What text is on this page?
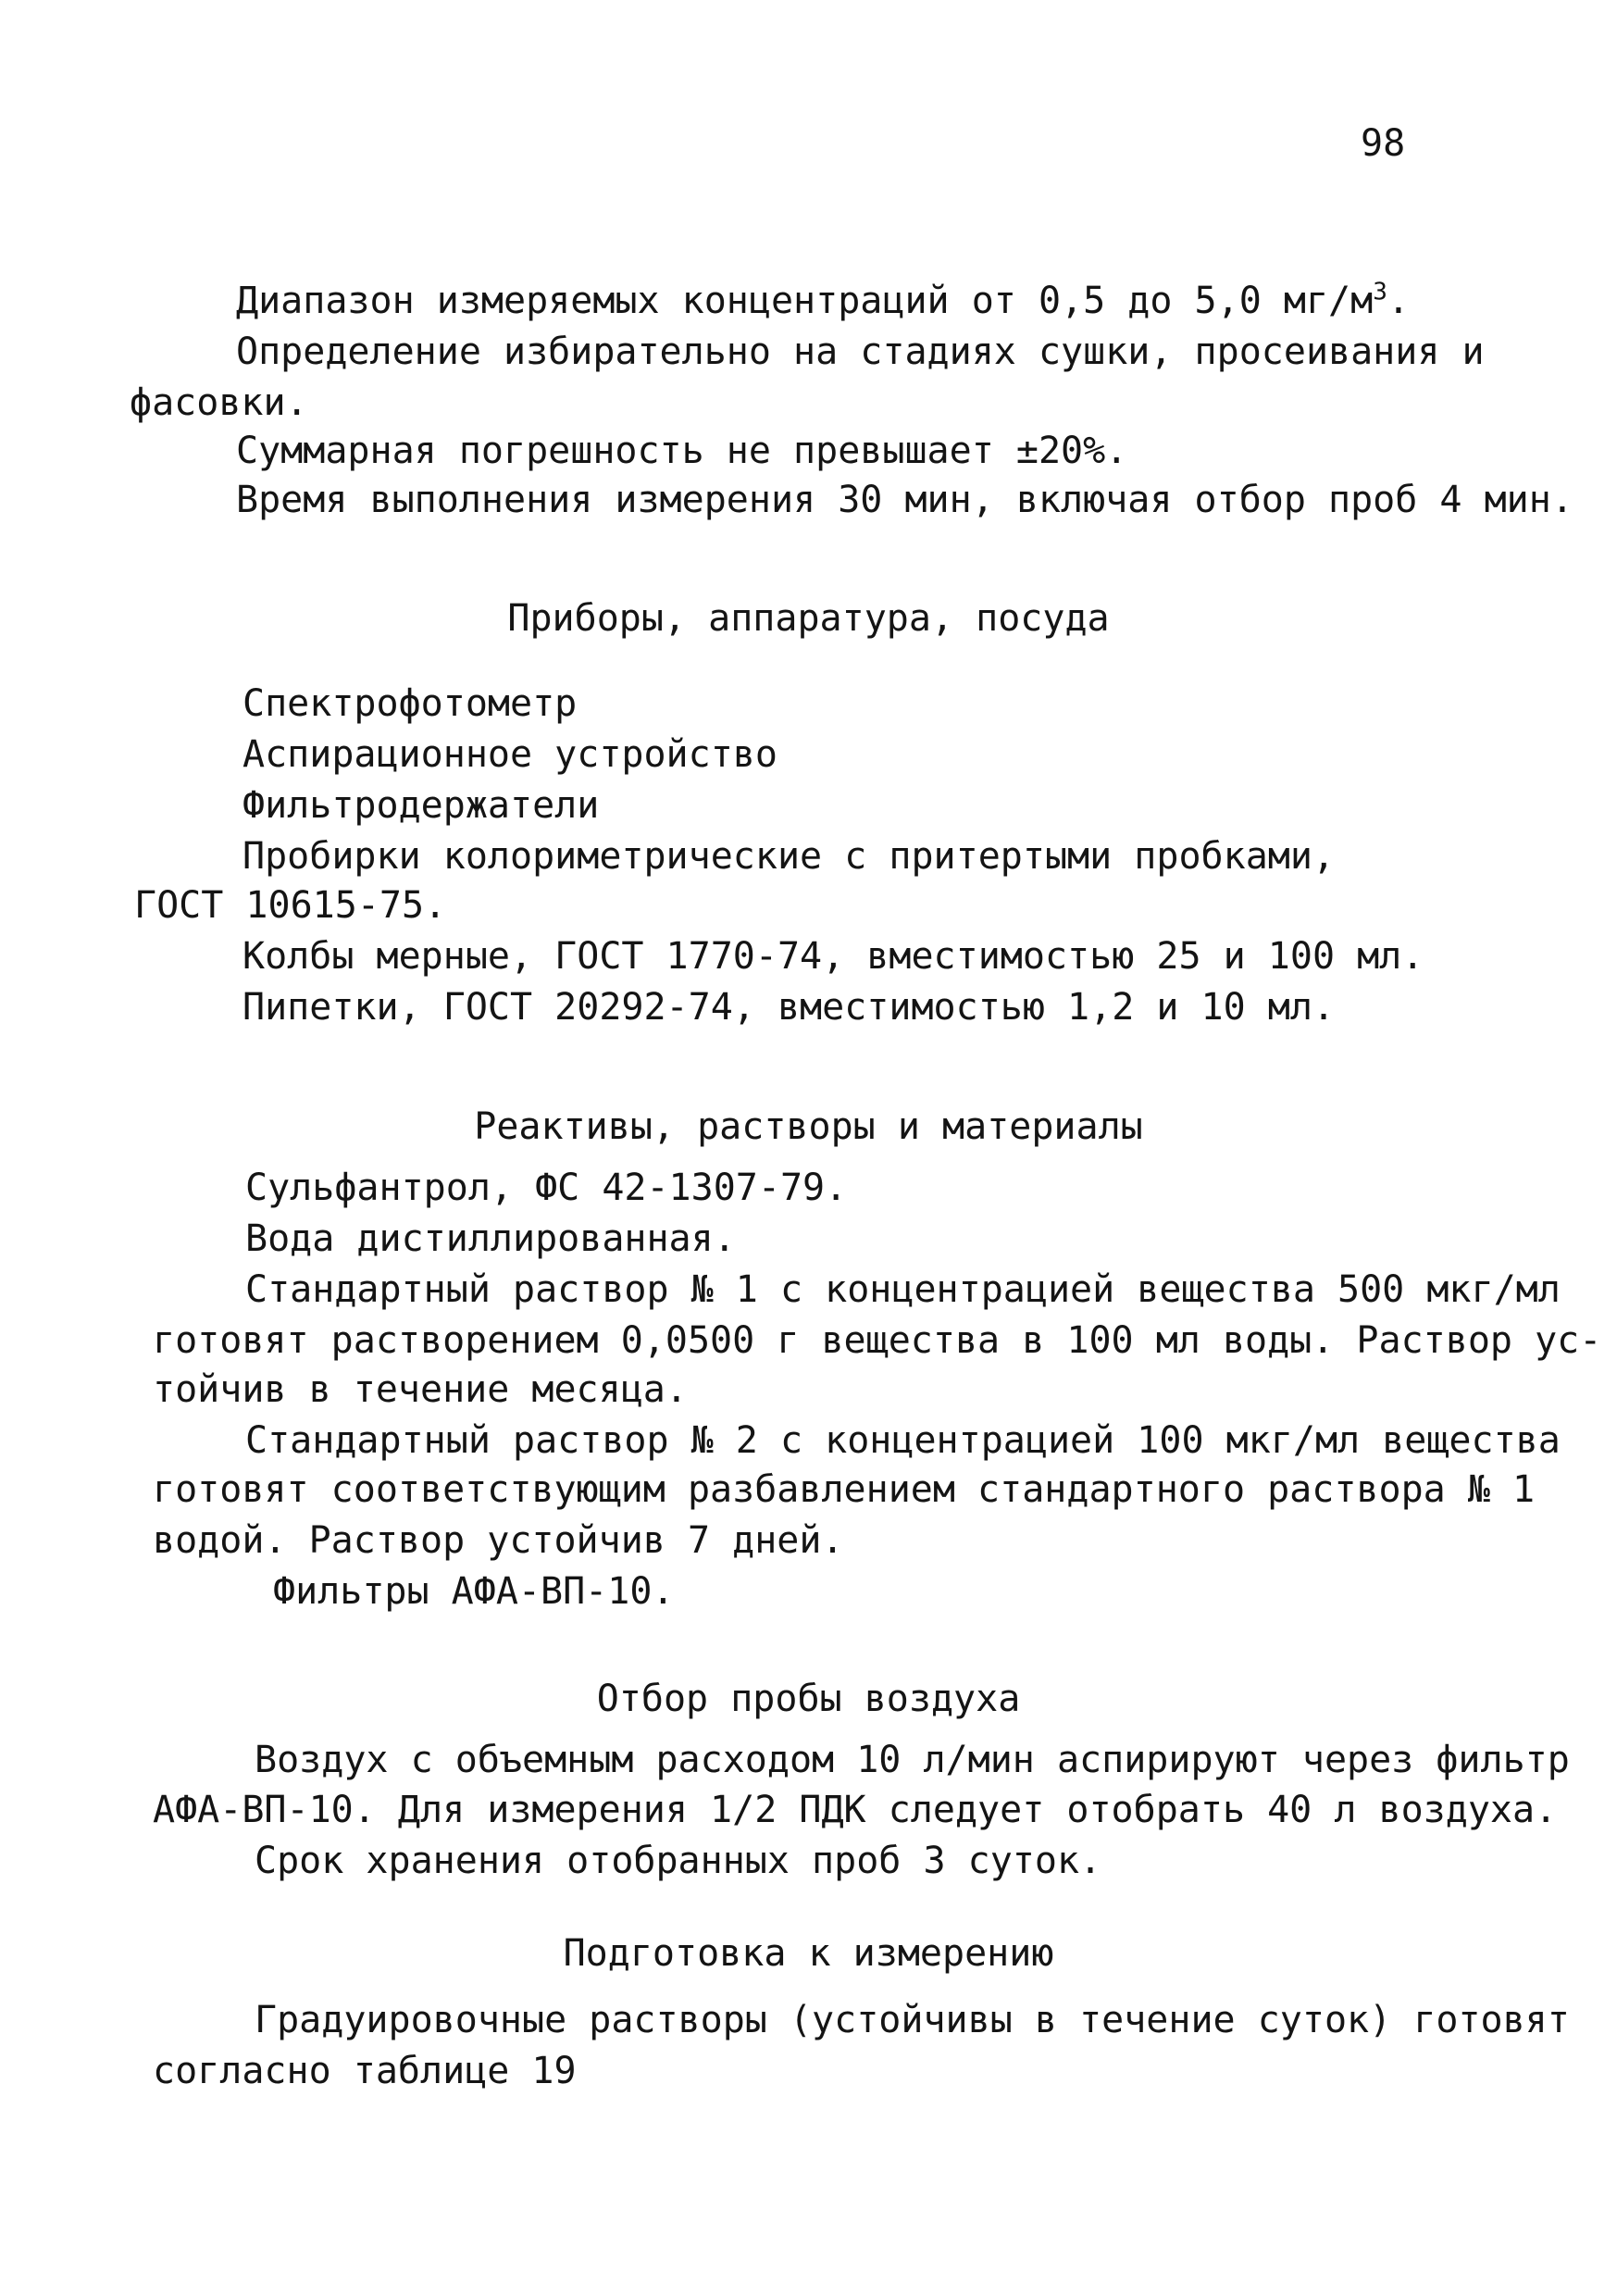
98
Диапазон измеряемых концентраций от 0,5 до 5,0 $мг/м^3$.
Определение избирательно на стадиях сушки, просеивания и
фасовки.
Суммарная погрешность не превышает ±20%.
Время выполнения измерения 30 мин, включая отбор проб 4 мин.
Приборы, аппаратура, посуда
Спектрофотометр
Аспирационное устройство
Фильтродержатели
Пробирки колориметрические с притертыми пробками,
ГОСТ 10615-75.
Колбы мерные, ГОСТ 1770-74, вместимостью 25 и 100 мл.
Пипетки, ГОСТ 20292-74, вместимостью 1,2 и 10 мл.
Реактивы, растворы и материалы
Сульфантрол, ФС 42-1307-79.
Вода дистиллированная.
Стандартный раствор № 1 с концентрацией вещества 500 мкг/мл
готовят растворением 0,0500 г вещества в 100 мл воды. Раствор ус-
тойчив в течение месяца.
Стандартный раствор № 2 с концентрацией 100 мкг/мл вещества
готовят соответствующим разбавлением стандартного раствора № 1
водой. Раствор устойчив 7 дней.
Фильтры АФА-ВП-10.
Отбор пробы воздуха
Воздух с объемным расходом 10 л/мин аспирируют через фильтр
АФА-ВП-10. Для измерения 1/2 ПДК следует отобрать 40 л воздуха.
Срок хранения отобранных проб 3 суток.
Подготовка к измерению
Градуировочные растворы (устойчивы в течение суток) готовят
согласно таблице 19
